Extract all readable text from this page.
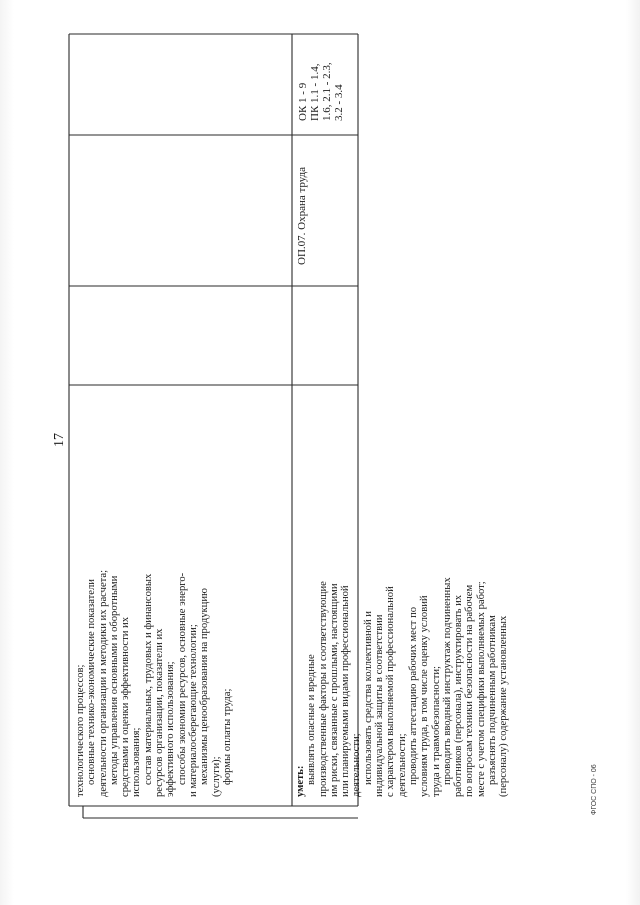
17
технологического процессов; основные технико-экономические показатели деятельности организации и методики их расчета; методы управления основными и оборотными средствами и оценки эффективности их использования; состав материальных, трудовых и финансовых ресурсов организации, показатели их эффективного использования; способы экономии ресурсов, основные энерго- и материалосберегающие технологии; механизмы ценообразования на продукцию (услуги); формы оплаты труда;	уметь: выявлять опасные и вредные производственные факторы и соответствующие им риски, связанные с прошлыми, настоящими или планируемыми видами профессиональной деятельности; использовать средства коллективной и индивидуальной защиты в соответствии с характером выполняемой профессиональной деятельности; проводить аттестацию рабочих мест по условиям труда, в том числе оценку условий труда и травмобезопасности; проводить вводный инструктаж подчиненных работников (персонала), инструктировать их по вопросам техники безопасности на рабочем месте с учетом специфики выполняемых работ; разъяснять подчиненным работникам (персоналу) содержание установленных
ОП.07. Охрана труда
ОК 1 - 9 ПК 1.1 - 1.4, 1.6, 2.1 - 2.3, 3.2 - 3.4
ФГОС СПО - 06
